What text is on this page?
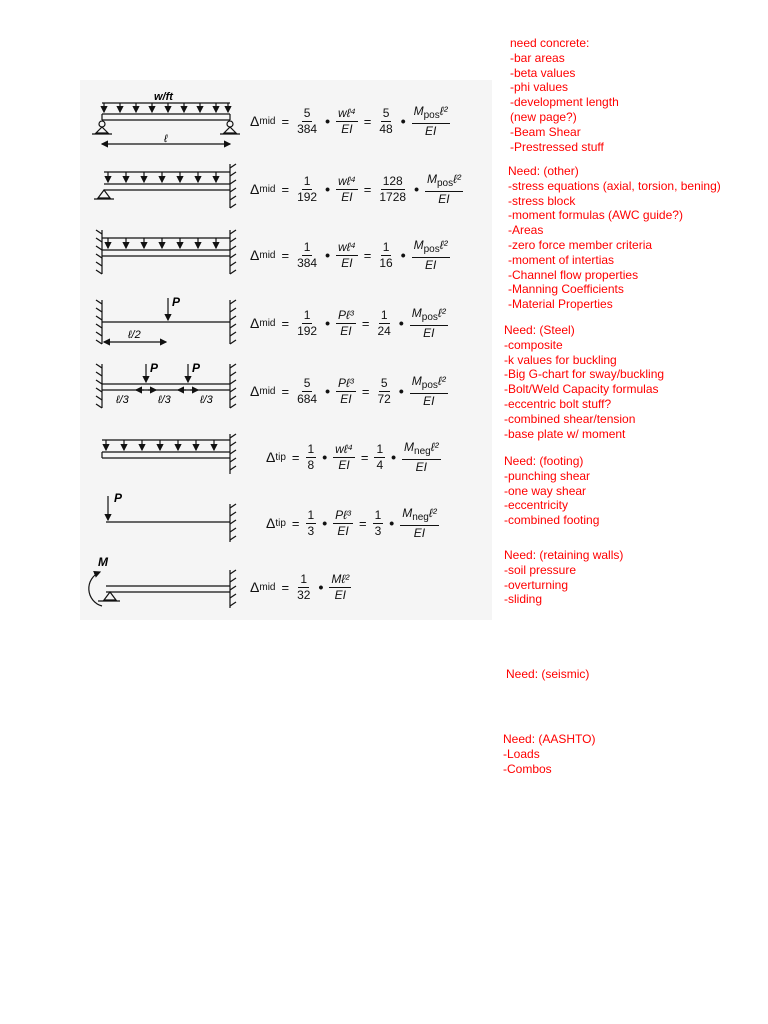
w/ft
ℓ
Δ mid = $\frac{5}{384}$ • $\frac{\text{wℓ⁴}}{EI} = \frac{5}{48}$ • $\frac{M_{pos}\ell^2}{EI}$
Δ mid = $\frac{1}{192}$ • $\frac{\text{wℓ⁴}}{EI} = \frac{128}{1728}$ • $\frac{M_{pos}\ell^2}{EI}$
Δ mid = $\frac{1}{384}$ • $\frac{\text{wℓ⁴}}{EI} = \frac{1}{16}$ • $\frac{M_{pos}\ell^2}{EI}$
P
ℓ/2
Δ mid = $\frac{1}{192}$ • $\frac{\text{Pℓ³}}{EI} = \frac{1}{24}$ • $\frac{M_{pos}\ell^2}{EI}$
P	P
ℓ/3	ℓ/3	ℓ/3
Δ mid = $\frac{5}{684}$ • $\frac{\text{Pℓ³}}{EI} = \frac{5}{72}$ • $\frac{M_{pos}\ell^2}{EI}$
Δ tip = $\frac{1}{8}$ • $\frac{\text{wℓ⁴}}{EI} = \frac{1}{4}$ • $\frac{M_{neg}\ell^2}{EI}$
P
Δ tip = $\frac{1}{3}$ • $\frac{\text{Pℓ³}}{EI} = \frac{1}{3}$ • $\frac{M_{neg}\ell^2}{EI}$
M
Δ mid = $\frac{1}{32}$ • $\frac{\text{Mℓ²}}{EI}$
need concrete:
-bar areas
-beta values
-phi values
-development length
(new page?)
-Beam Shear
-Prestressed stuff
Need: (other)
-stress equations (axial, torsion, bening)
-stress block
-moment formulas (AWC guide?)
-Areas
-zero force member criteria
-moment of intertias
-Channel flow properties
-Manning Coefficients
-Material Properties
Need: (Steel)
-composite
-k values for buckling
-Big G-chart for sway/buckling
-Bolt/Weld Capacity formulas
-eccentric bolt stuff?
-combined shear/tension
-base plate w/ moment
Need: (footing)
-punching shear
-one way shear
-eccentricity
-combined footing
Need: (retaining walls)
-soil pressure
-overturning
-sliding
Need: (seismic)
Need: (AASHTO)
-Loads
-Combos
